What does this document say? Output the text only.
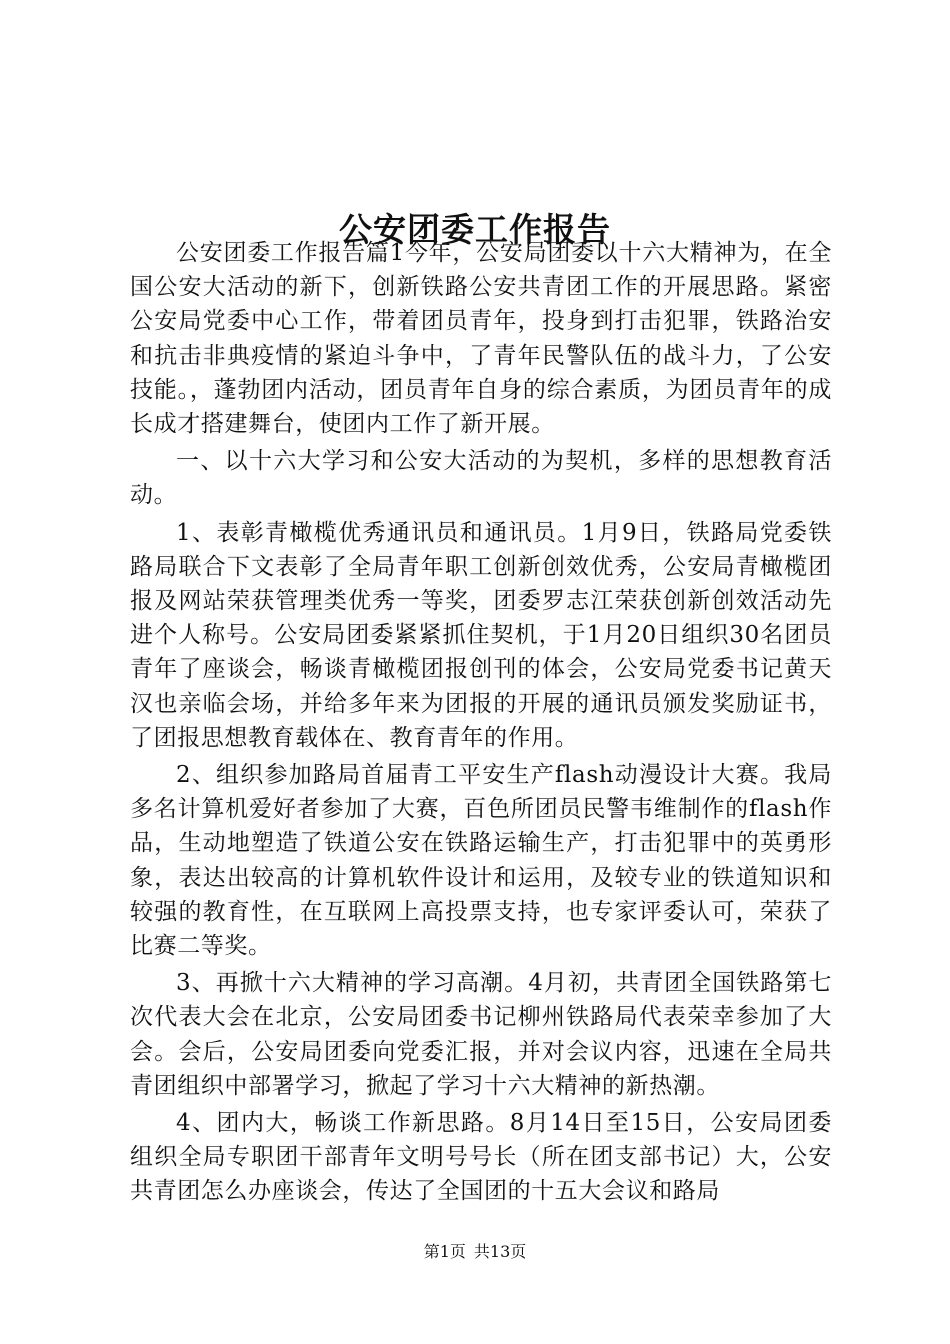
公安团委工作报告

公安团委工作报告篇1今年，公安局团委以十六大精神为，在全国公安大活动的新下，创新铁路公安共青团工作的开展思路。紧密公安局党委中心工作，带着团员青年，投身到打击犯罪，铁路治安和抗击非典疫情的紧迫斗争中，了青年民警队伍的战斗力，了公安技能。，蓬勃团内活动，团员青年自身的综合素质，为团员青年的成长成才搭建舞台，使团内工作了新开展。

一、以十六大学习和公安大活动的为契机，多样的思想教育活动。

1、表彰青橄榄优秀通讯员和通讯员。1月9日，铁路局党委铁路局联合下文表彰了全局青年职工创新创效优秀，公安局青橄榄团报及网站荣获管理类优秀一等奖，团委罗志江荣获创新创效活动先进个人称号。公安局团委紧紧抓住契机，于1月20日组织30名团员青年了座谈会，畅谈青橄榄团报创刊的体会，公安局党委书记黄天汉也亲临会场，并给多年来为团报的开展的通讯员颁发奖励证书，了团报思想教育载体在、教育青年的作用。

2、组织参加路局首届青工平安生产flash动漫设计大赛。我局多名计算机爱好者参加了大赛，百色所团员民警韦维制作的flash作品，生动地塑造了铁道公安在铁路运输生产，打击犯罪中的英勇形象，表达出较高的计算机软件设计和运用，及较专业的铁道知识和较强的教育性，在互联网上高投票支持，也专家评委认可，荣获了比赛二等奖。

3、再掀十六大精神的学习高潮。4月初，共青团全国铁路第七次代表大会在北京，公安局团委书记柳州铁路局代表荣幸参加了大会。会后，公安局团委向党委汇报，并对会议内容，迅速在全局共青团组织中部署学习，掀起了学习十六大精神的新热潮。

4、团内大，畅谈工作新思路。8月14日至15日，公安局团委组织全局专职团干部青年文明号号长（所在团支部书记）大，公安共青团怎么办座谈会，传达了全国团的十五大会议和路局

第1页 共13页
